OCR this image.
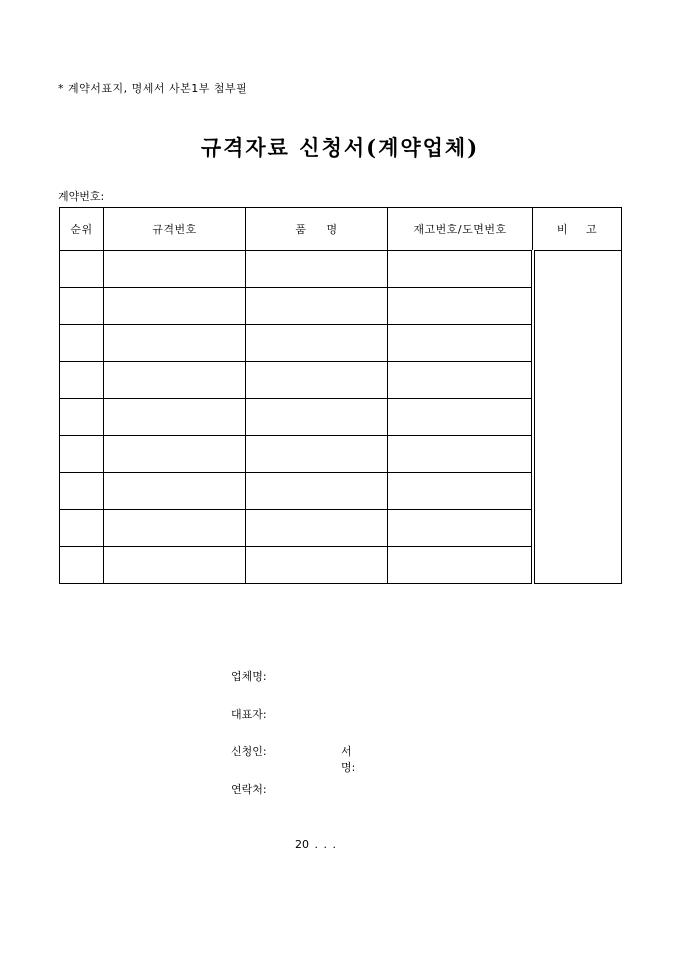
* 계약서표지, 명세서 사본1부 첨부필
규격자료 신청서(계약업체)
계약번호:
순위	규격번호	품 명	재고번호/도면번호	비 고

업체명:
대표자:
신청인:	서명:
연락처:
20 . . .
